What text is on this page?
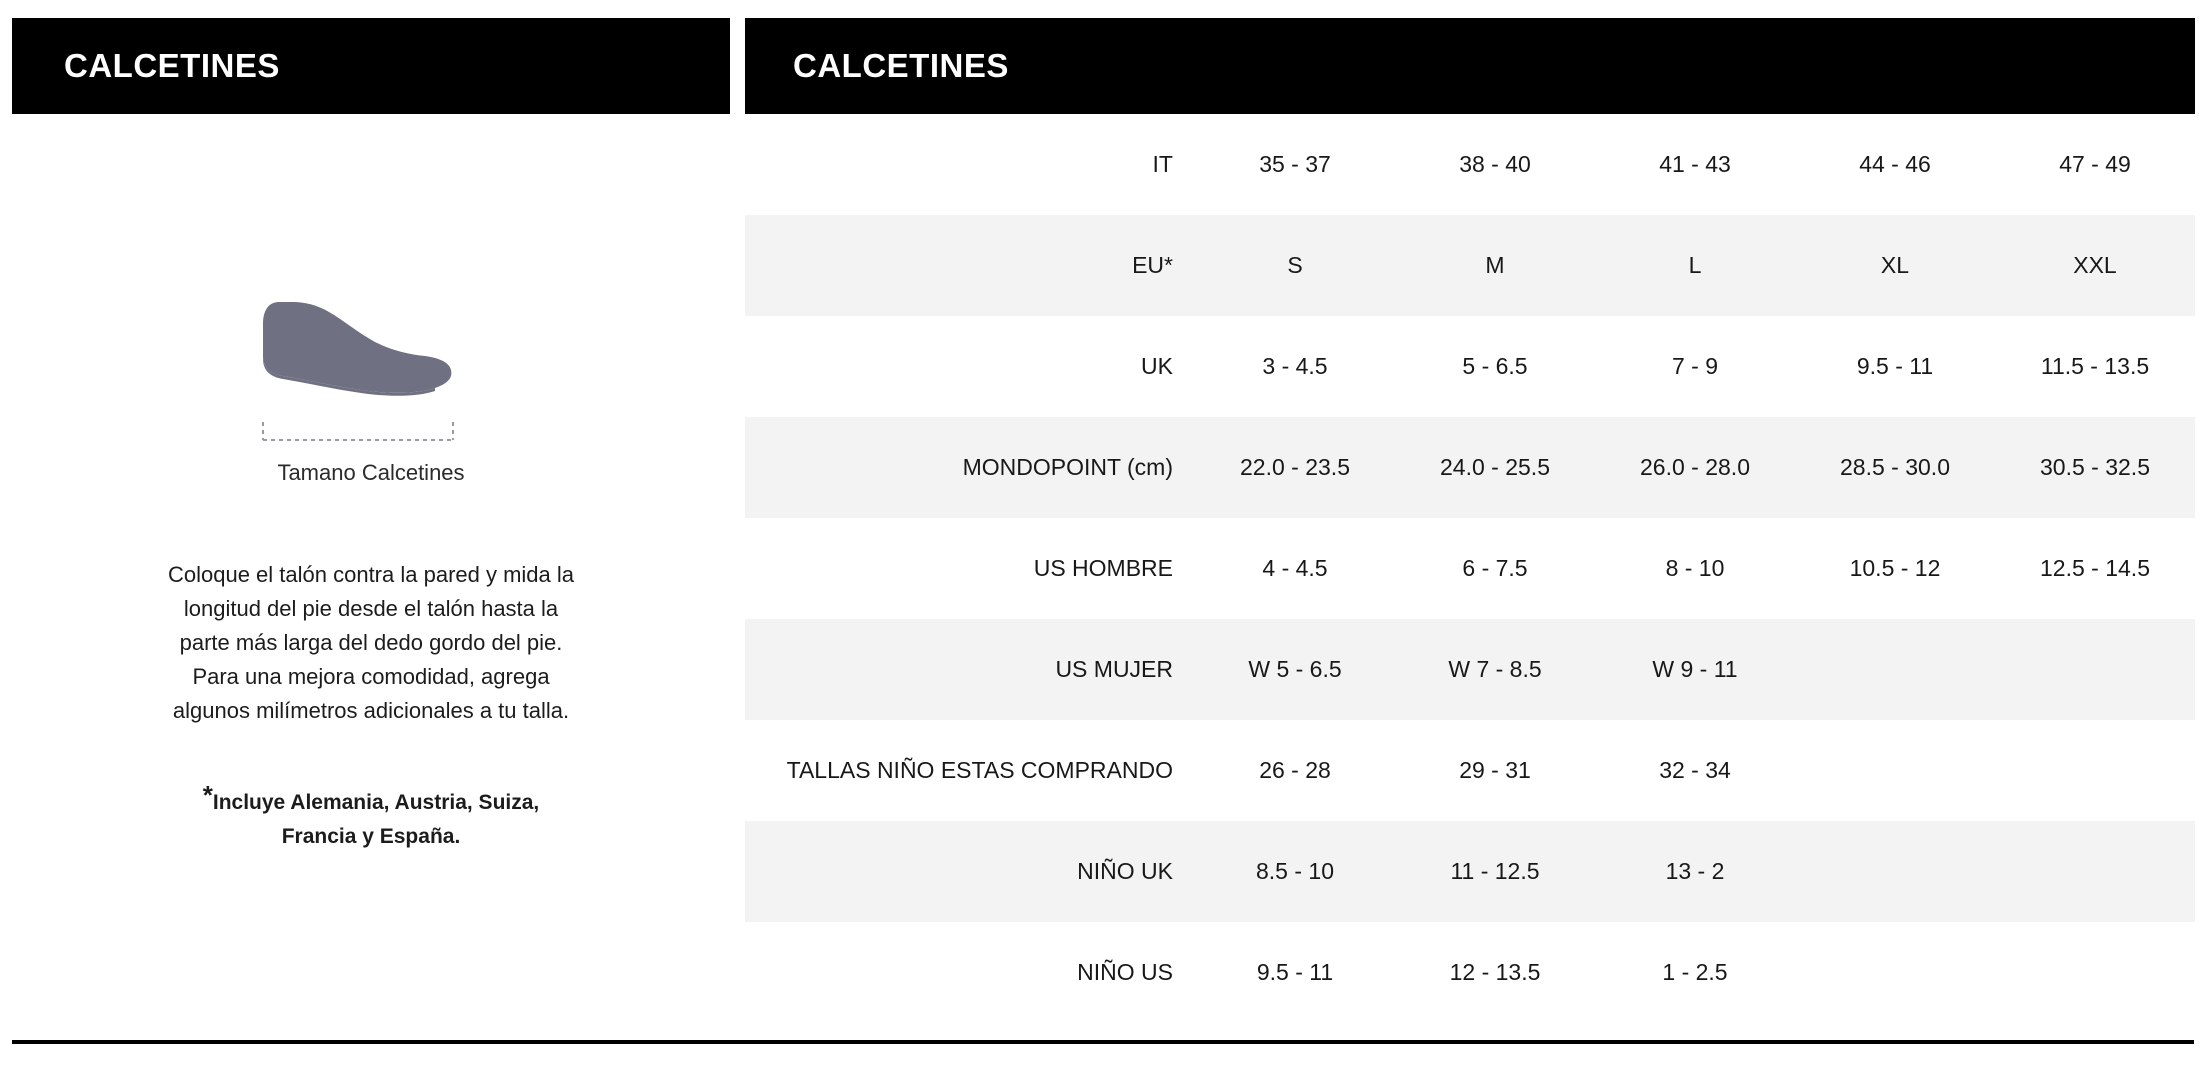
CALCETINES
Tamano Calcetines
Coloque el talón contra la pared y mida la longitud del pie desde el talón hasta la parte más larga del dedo gordo del pie. Para una mejora comodidad, agrega algunos milímetros adicionales a tu talla.
*Incluye Alemania, Austria, Suiza, Francia y España.
CALCETINES
IT	35 - 37	38 - 40	41 - 43	44 - 46	47 - 49
EU*	S	M	L	XL	XXL
UK	3 - 4.5	5 - 6.5	7 - 9	9.5 - 11	11.5 - 13.5
MONDOPOINT (cm)	22.0 - 23.5	24.0 - 25.5	26.0 - 28.0	28.5 - 30.0	30.5 - 32.5
US HOMBRE	4 - 4.5	6 - 7.5	8 - 10	10.5 - 12	12.5 - 14.5
US MUJER	W 5 - 6.5	W 7 - 8.5	W 9 - 11		
TALLAS NIÑO ESTAS COMPRANDO	26 - 28	29 - 31	32 - 34		
NIÑO UK	8.5 - 10	11 - 12.5	13 - 2		
NIÑO US	9.5 - 11	12 - 13.5	1 - 2.5		
